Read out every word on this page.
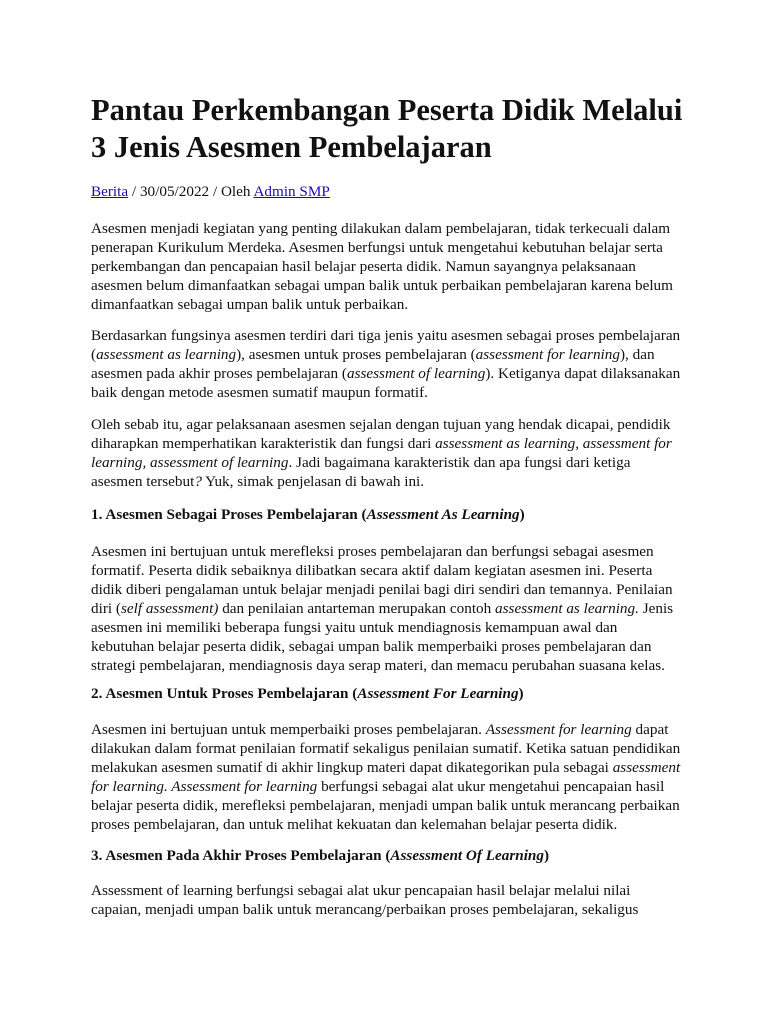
Pantau Perkembangan Peserta Didik Melalui
3 Jenis Asesmen Pembelajaran
Berita / 30/05/2022 / Oleh Admin SMP
Asesmen menjadi kegiatan yang penting dilakukan dalam pembelajaran, tidak terkecuali dalam
penerapan Kurikulum Merdeka. Asesmen berfungsi untuk mengetahui kebutuhan belajar serta
perkembangan dan pencapaian hasil belajar peserta didik. Namun sayangnya pelaksanaan
asesmen belum dimanfaatkan sebagai umpan balik untuk perbaikan pembelajaran karena belum
dimanfaatkan sebagai umpan balik untuk perbaikan.
Berdasarkan fungsinya asesmen terdiri dari tiga jenis yaitu asesmen sebagai proses pembelajaran
(assessment as learning), asesmen untuk proses pembelajaran (assessment for learning), dan
asesmen pada akhir proses pembelajaran (assessment of learning). Ketiganya dapat dilaksanakan
baik dengan metode asesmen sumatif maupun formatif.
Oleh sebab itu, agar pelaksanaan asesmen sejalan dengan tujuan yang hendak dicapai, pendidik
diharapkan memperhatikan karakteristik dan fungsi dari assessment as learning, assessment for
learning, assessment of learning. Jadi bagaimana karakteristik dan apa fungsi dari ketiga
asesmen tersebut? Yuk, simak penjelasan di bawah ini.
1. Asesmen Sebagai Proses Pembelajaran (Assessment As Learning)
Asesmen ini bertujuan untuk merefleksi proses pembelajaran dan berfungsi sebagai asesmen
formatif. Peserta didik sebaiknya dilibatkan secara aktif dalam kegiatan asesmen ini. Peserta
didik diberi pengalaman untuk belajar menjadi penilai bagi diri sendiri dan temannya. Penilaian
diri (self assessment) dan penilaian antarteman merupakan contoh assessment as learning. Jenis
asesmen ini memiliki beberapa fungsi yaitu untuk mendiagnosis kemampuan awal dan
kebutuhan belajar peserta didik, sebagai umpan balik memperbaiki proses pembelajaran dan
strategi pembelajaran, mendiagnosis daya serap materi, dan memacu perubahan suasana kelas.
2. Asesmen Untuk Proses Pembelajaran (Assessment For Learning)
Asesmen ini bertujuan untuk memperbaiki proses pembelajaran. Assessment for learning dapat
dilakukan dalam format penilaian formatif sekaligus penilaian sumatif. Ketika satuan pendidikan
melakukan asesmen sumatif di akhir lingkup materi dapat dikategorikan pula sebagai assessment
for learning. Assessment for learning berfungsi sebagai alat ukur mengetahui pencapaian hasil
belajar peserta didik, merefleksi pembelajaran, menjadi umpan balik untuk merancang perbaikan
proses pembelajaran, dan untuk melihat kekuatan dan kelemahan belajar peserta didik.
3. Asesmen Pada Akhir Proses Pembelajaran (Assessment Of Learning)
Assessment of learning berfungsi sebagai alat ukur pencapaian hasil belajar melalui nilai
capaian, menjadi umpan balik untuk merancang/perbaikan proses pembelajaran, sekaligus
